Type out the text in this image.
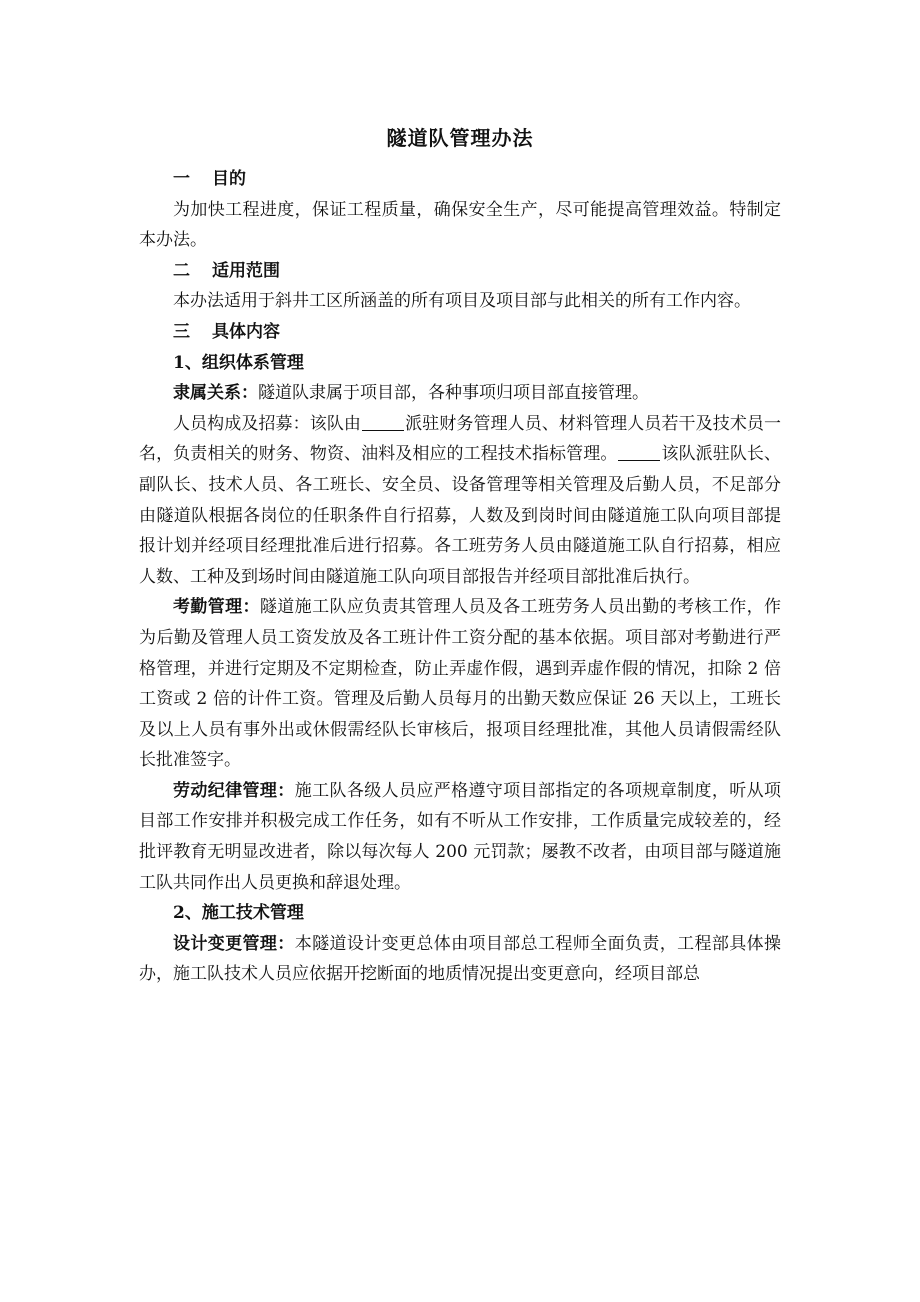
隧道队管理办法

一 目的

为加快工程进度，保证工程质量，确保安全生产，尽可能提高管理效益。特制定本办法。

二 适用范围

本办法适用于斜井工区所涵盖的所有项目及项目部与此相关的所有工作内容。

三 具体内容

1、组织体系管理

隶属关系：隧道队隶属于项目部，各种事项归项目部直接管理。

人员构成及招募：该队由	派驻财务管理人员、材料管理人员若干及技术员一名，负责相关的财务、物资、油料及相应的工程技术指标管理。	该队派驻队长、副队长、技术人员、各工班长、安全员、设备管理等相关管理及后勤人员，不足部分由隧道队根据各岗位的任职条件自行招募，人数及到岗时间由隧道施工队向项目部提报计划并经项目经理批准后进行招募。各工班劳务人员由隧道施工队自行招募，相应人数、工种及到场时间由隧道施工队向项目部报告并经项目部批准后执行。

考勤管理：隧道施工队应负责其管理人员及各工班劳务人员出勤的考核工作，作为后勤及管理人员工资发放及各工班计件工资分配的基本依据。项目部对考勤进行严格管理，并进行定期及不定期检查，防止弄虚作假，遇到弄虚作假的情况，扣除 2 倍工资或 2 倍的计件工资。管理及后勤人员每月的出勤天数应保证 26 天以上，工班长及以上人员有事外出或休假需经队长审核后，报项目经理批准，其他人员请假需经队长批准签字。

劳动纪律管理：施工队各级人员应严格遵守项目部指定的各项规章制度，听从项目部工作安排并积极完成工作任务，如有不听从工作安排，工作质量完成较差的，经批评教育无明显改进者，除以每次每人 200 元罚款；屡教不改者，由项目部与隧道施工队共同作出人员更换和辞退处理。

2、施工技术管理

设计变更管理：本隧道设计变更总体由项目部总工程师全面负责，工程部具体操办，施工队技术人员应依据开挖断面的地质情况提出变更意向，经项目部总
